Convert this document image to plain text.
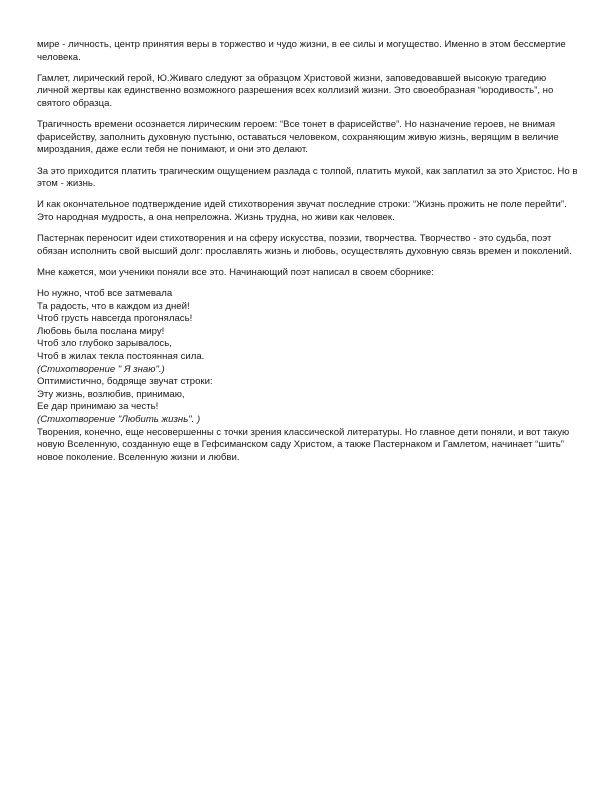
мире - личность, центр принятия веры в торжество и чудо жизни, в ее силы и могущество. Именно в этом бессмертие человека.

Гамлет, лирический герой, Ю.Живаго следуют за образцом Христовой жизни, заповедовавшей высокую трагедию личной жертвы как единственно возможного разрешения всех коллизий жизни. Это своеобразная “юродивость”, но святого образца.

Трагичность времени осознается лирическим героем: “Все тонет в фарисействе”. Но назначение героев, не внимая фарисейству, заполнить духовную пустыню, оставаться человеком, сохраняющим живую жизнь, верящим в величие мироздания, даже если тебя не понимают, и они это делают.

За это приходится платить трагическим ощущением разлада с толпой, платить мукой, как заплатил за это Христос. Но в этом - жизнь.

И как окончательное подтверждение идей стихотворения звучат последние строки: “Жизнь прожить не поле перейти”. Это народная мудрость, а она непреложна. Жизнь трудна, но живи как человек.

Пастернак переносит идеи стихотворения и на сферу искусства, поэзии, творчества. Творчество - это судьба, поэт обязан исполнить свой высший долг: прославлять жизнь и любовь, осуществлять духовную связь времен и поколений.

Мне кажется, мои ученики поняли все это. Начинающий поэт написал в своем сборнике:

Но нужно, чтоб все затмевала
Та радость, что в каждом из дней!
Чтоб грусть навсегда прогонялась!
Любовь была послана миру!
Чтоб зло глубоко зарывалось,
Чтоб в жилах текла постоянная сила.
(Стихотворение " Я знаю".)
Оптимистично, бодряще звучат строки:
Эту жизнь, возлюбив, принимаю,
Ее дар принимаю за честь!
(Стихотворение "Любить жизнь". )

Творения, конечно, еще несовершенны с точки зрения классической литературы. Но главное дети поняли, и вот такую новую Вселенную, созданную еще в Гефсиманском саду Христом, а также Пастернаком и Гамлетом, начинает “шить” новое поколение. Вселенную жизни и любви.
